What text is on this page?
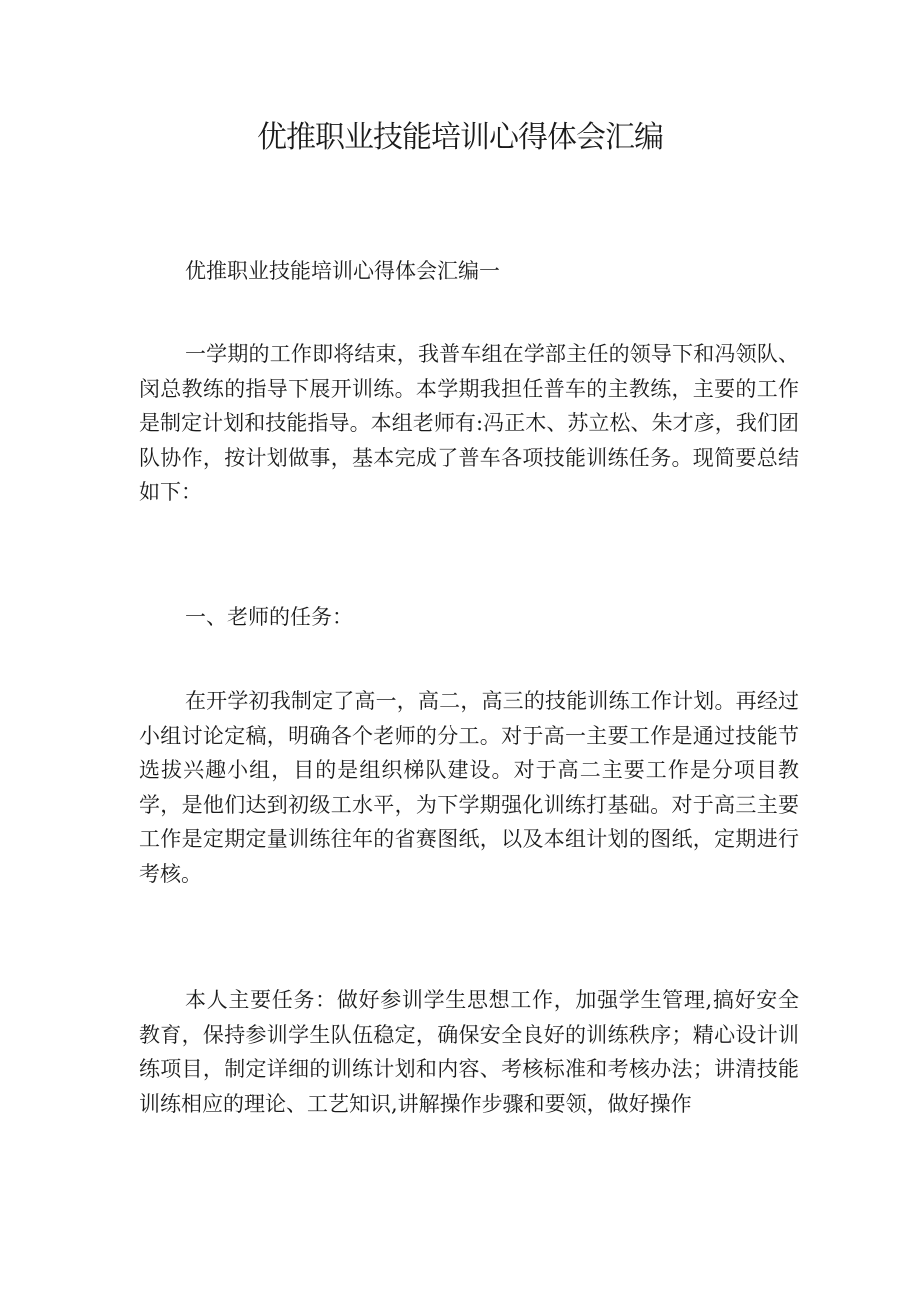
优推职业技能培训心得体会汇编

优推职业技能培训心得体会汇编一

一学期的工作即将结束，我普车组在学部主任的领导下和冯领队、闵总教练的指导下展开训练。本学期我担任普车的主教练，主要的工作是制定计划和技能指导。本组老师有:冯正木、苏立松、朱才彦，我们团队协作，按计划做事，基本完成了普车各项技能训练任务。现简要总结如下：

一、老师的任务：

在开学初我制定了高一，高二，高三的技能训练工作计划。再经过小组讨论定稿，明确各个老师的分工。对于高一主要工作是通过技能节选拔兴趣小组，目的是组织梯队建设。对于高二主要工作是分项目教学，是他们达到初级工水平，为下学期强化训练打基础。对于高三主要工作是定期定量训练往年的省赛图纸，以及本组计划的图纸，定期进行考核。

本人主要任务：做好参训学生思想工作，加强学生管理,搞好安全教育，保持参训学生队伍稳定，确保安全良好的训练秩序；精心设计训练项目，制定详细的训练计划和内容、考核标准和考核办法；讲清技能训练相应的理论、工艺知识,讲解操作步骤和要领，做好操作
